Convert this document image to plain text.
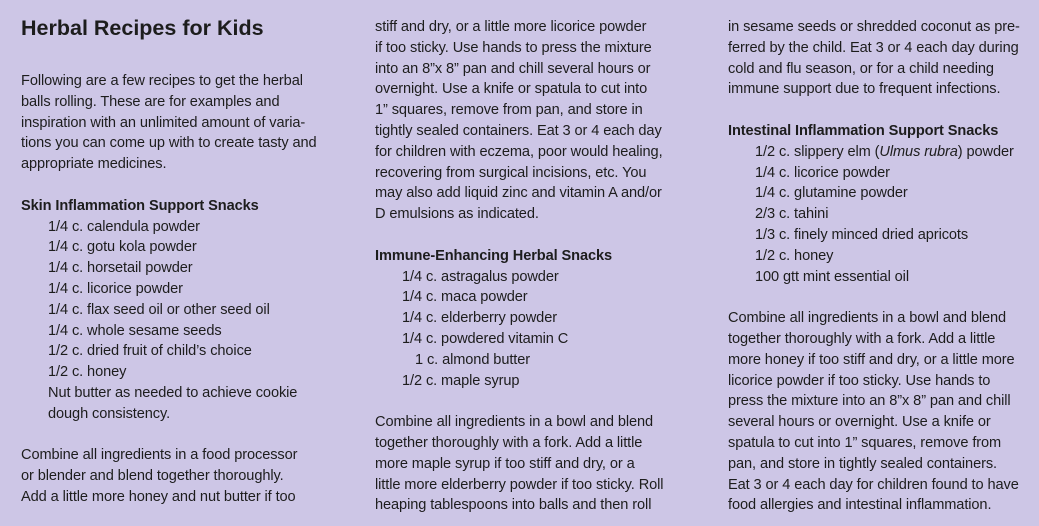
Herbal Recipes for Kids

Following are a few recipes to get the herbal

balls rolling. These are for examples and

inspiration with an unlimited amount of varia-

tions you can come up with to create tasty and

appropriate medicines.

Skin Inflammation Support Snacks

1/4 c. calendula powder

1/4 c. gotu kola powder

1/4 c. horsetail powder

1/4 c. licorice powder

1/4 c. flax seed oil or other seed oil

1/4 c. whole sesame seeds

1/2 c. dried fruit of child’s choice

1/2 c. honey

Nut butter as needed to achieve cookie

dough consistency.

Combine all ingredients in a food processor

or blender and blend together thoroughly.

Add a little more honey and nut butter if too

stiff and dry, or a little more licorice powder

if too sticky. Use hands to press the mixture

into an 8”x 8” pan and chill several hours or

overnight. Use a knife or spatula to cut into

1” squares, remove from pan, and store in

tightly sealed containers. Eat 3 or 4 each day

for children with eczema, poor would healing,

recovering from surgical incisions, etc. You

may also add liquid zinc and vitamin A and/or

D emulsions as indicated.

Immune-Enhancing Herbal Snacks

1/4 c. astragalus powder

1/4 c. maca powder

1/4 c. elderberry powder

1/4 c. powdered vitamin C

1 c. almond butter

1/2 c. maple syrup

Combine all ingredients in a bowl and blend

together thoroughly with a fork. Add a little

more maple syrup if too stiff and dry, or a

little more elderberry powder if too sticky. Roll

heaping tablespoons into balls and then roll

in sesame seeds or shredded coconut as pre-

ferred by the child. Eat 3 or 4 each day during

cold and flu season, or for a child needing

immune support due to frequent infections.

Intestinal Inflammation Support Snacks

1/2 c. slippery elm (Ulmus rubra) powder

1/4 c. licorice powder

1/4 c. glutamine powder

2/3 c. tahini

1/3 c. finely minced dried apricots

1/2 c. honey

100 gtt mint essential oil

Combine all ingredients in a bowl and blend

together thoroughly with a fork. Add a little

more honey if too stiff and dry, or a little more

licorice powder if too sticky. Use hands to

press the mixture into an 8”x 8” pan and chill

several hours or overnight. Use a knife or

spatula to cut into 1” squares, remove from

pan, and store in tightly sealed containers.

Eat 3 or 4 each day for children found to have

food allergies and intestinal inflammation.
